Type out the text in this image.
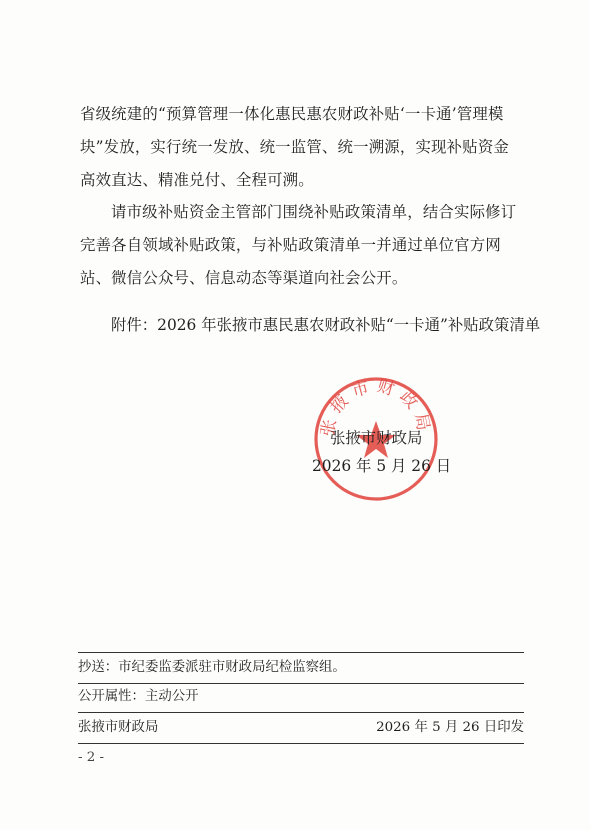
省级统建的“预算管理一体化惠民惠农财政补贴‘一卡通’管理模块”发放，实行统一发放、统一监管、统一溯源，实现补贴资金高效直达、精准兑付、全程可溯。

请市级补贴资金主管部门围绕补贴政策清单，结合实际修订完善各自领域补贴政策，与补贴政策清单一并通过单位官方网站、微信公众号、信息动态等渠道向社会公开。

附件：2026 年张掖市惠民惠农财政补贴“一卡通”补贴政策清单
张掖市财政局
张掖市财政局
2026 年 5 月 26 日
抄送：市纪委监委派驻市财政局纪检监察组。
公开属性：主动公开
张掖市财政局	2026 年 5 月 26 日印发
- 2 -
